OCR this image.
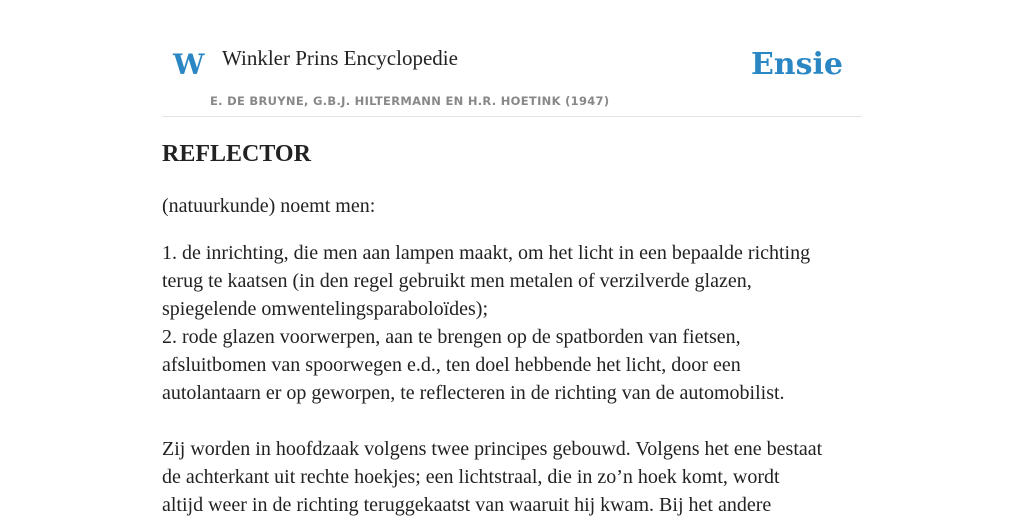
W Winkler Prins Encyclopedie
E. DE BRUYNE, G.B.J. HILTERMANN EN H.R. HOETINK (1947)
Ensie
REFLECTOR

(natuurkunde) noemt men:

1. de inrichting, die men aan lampen maakt, om het licht in een bepaalde richting
terug te kaatsen (in den regel gebruikt men metalen of verzilverde glazen,
spiegelende omwentelingsparaboloïdes);
2. rode glazen voorwerpen, aan te brengen op de spatborden van fietsen,
afsluitbomen van spoorwegen e.d., ten doel hebbende het licht, door een
autolantaarn er op geworpen, te reflecteren in de richting van de automobilist.

Zij worden in hoofdzaak volgens twee principes gebouwd. Volgens het ene bestaat
de achterkant uit rechte hoekjes; een lichtstraal, die in zo’n hoek komt, wordt
altijd weer in de richting teruggekaatst van waaruit hij kwam. Bij het andere
